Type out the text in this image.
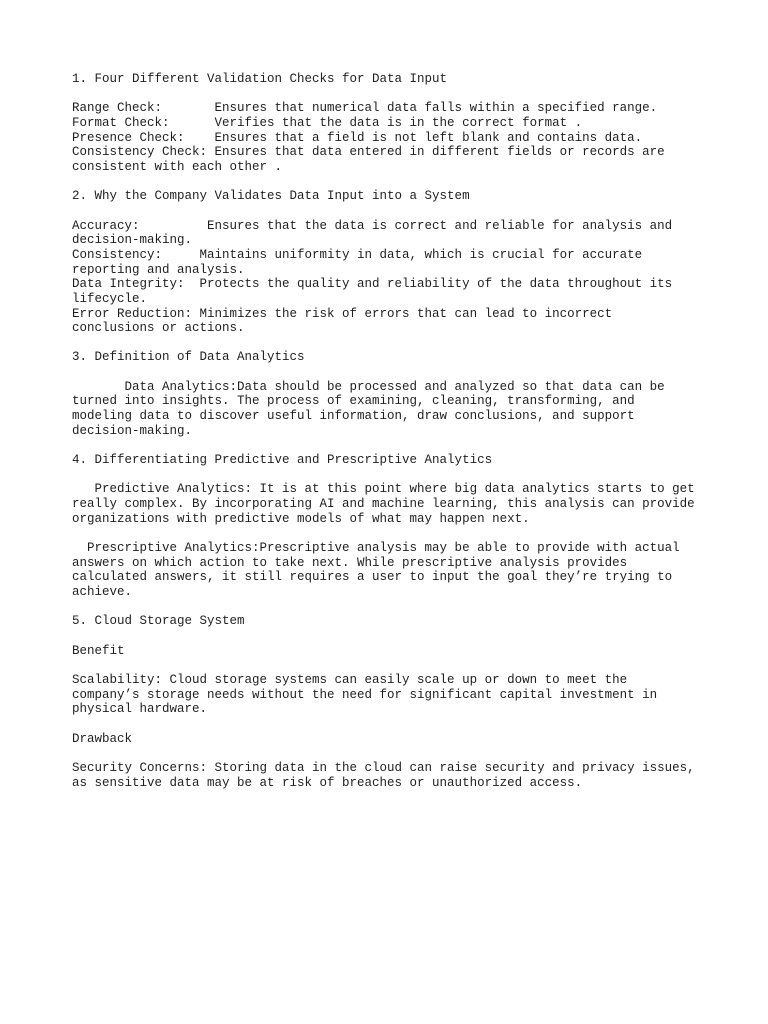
1. Four Different Validation Checks for Data Input
Range Check:       Ensures that numerical data falls within a specified range.
Format Check:      Verifies that the data is in the correct format .
Presence Check:    Ensures that a field is not left blank and contains data.
Consistency Check: Ensures that data entered in different fields or records are
consistent with each other .
2. Why the Company Validates Data Input into a System
Accuracy:         Ensures that the data is correct and reliable for analysis and
decision-making.
Consistency:     Maintains uniformity in data, which is crucial for accurate
reporting and analysis.
Data Integrity:  Protects the quality and reliability of the data throughout its
lifecycle.
Error Reduction: Minimizes the risk of errors that can lead to incorrect
conclusions or actions.
3. Definition of Data Analytics
Data Analytics:Data should be processed and analyzed so that data can be
turned into insights. The process of examining, cleaning, transforming, and
modeling data to discover useful information, draw conclusions, and support
decision-making.
4. Differentiating Predictive and Prescriptive Analytics
Predictive Analytics: It is at this point where big data analytics starts to get
really complex. By incorporating AI and machine learning, this analysis can provide
organizations with predictive models of what may happen next.
Prescriptive Analytics:Prescriptive analysis may be able to provide with actual
answers on which action to take next. While prescriptive analysis provides
calculated answers, it still requires a user to input the goal they’re trying to
achieve.
5. Cloud Storage System
Benefit
Scalability: Cloud storage systems can easily scale up or down to meet the
company’s storage needs without the need for significant capital investment in
physical hardware.
Drawback
Security Concerns: Storing data in the cloud can raise security and privacy issues,
as sensitive data may be at risk of breaches or unauthorized access.
